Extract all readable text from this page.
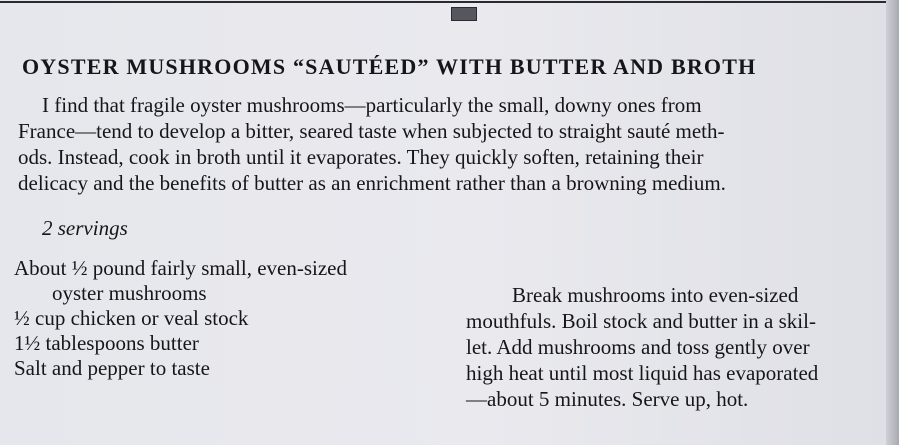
OYSTER MUSHROOMS “SAUTÉED” WITH BUTTER AND BROTH
I find that fragile oyster mushrooms—particularly the small, downy ones from
France—tend to develop a bitter, seared taste when subjected to straight sauté meth-
ods. Instead, cook in broth until it evaporates. They quickly soften, retaining their
delicacy and the benefits of butter as an enrichment rather than a browning medium.
2 servings
About ½ pound fairly small, even-sized
oyster mushrooms
½ cup chicken or veal stock
1½ tablespoons butter
Salt and pepper to taste
Break mushrooms into even-sized
mouthfuls. Boil stock and butter in a skil-
let. Add mushrooms and toss gently over
high heat until most liquid has evaporated
—about 5 minutes. Serve up, hot.
